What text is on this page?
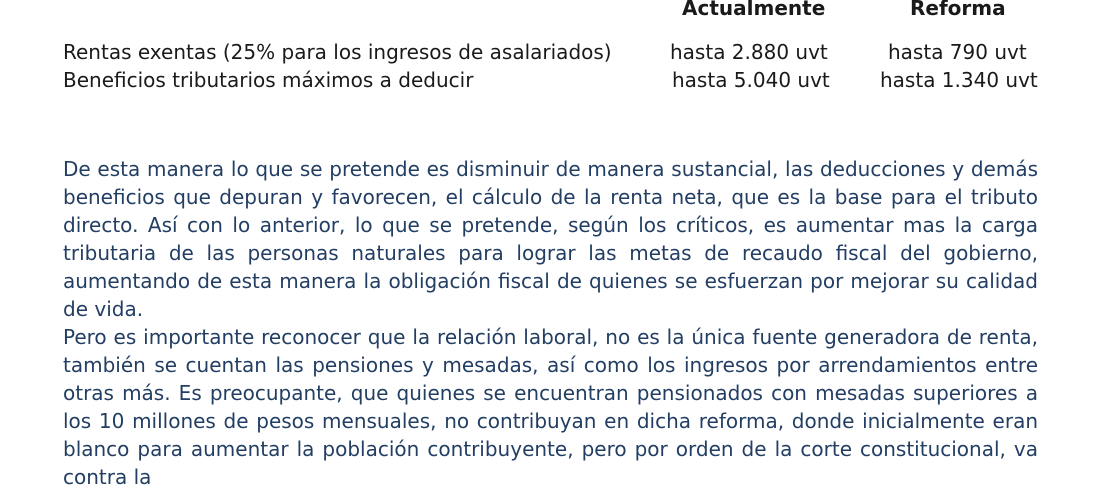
Actualmente	Reforma
Rentas exentas (25% para los ingresos de asalariados)	hasta 2.880 uvt	hasta 790 uvt
Beneficios tributarios máximos a deducir	hasta 5.040 uvt	hasta 1.340 uvt

De esta manera lo que se pretende es disminuir de manera sustancial, las deducciones y demás beneficios que depuran y favorecen, el cálculo de la renta neta, que es la base para el tributo directo. Así con lo anterior, lo que se pretende, según los críticos, es aumentar mas la carga tributaria de las personas naturales para lograr las metas de recaudo fiscal del gobierno, aumentando de esta manera la obligación fiscal de quienes se esfuerzan por mejorar su calidad de vida.

Pero es importante reconocer que la relación laboral, no es la única fuente generadora de renta, también se cuentan las pensiones y mesadas, así como los ingresos por arrendamientos entre otras más. Es preocupante, que quienes se encuentran pensionados con mesadas superiores a los 10 millones de pesos mensuales, no contribuyan en dicha reforma, donde inicialmente eran blanco para aumentar la población contribuyente, pero por orden de la corte constitucional, va contra la
